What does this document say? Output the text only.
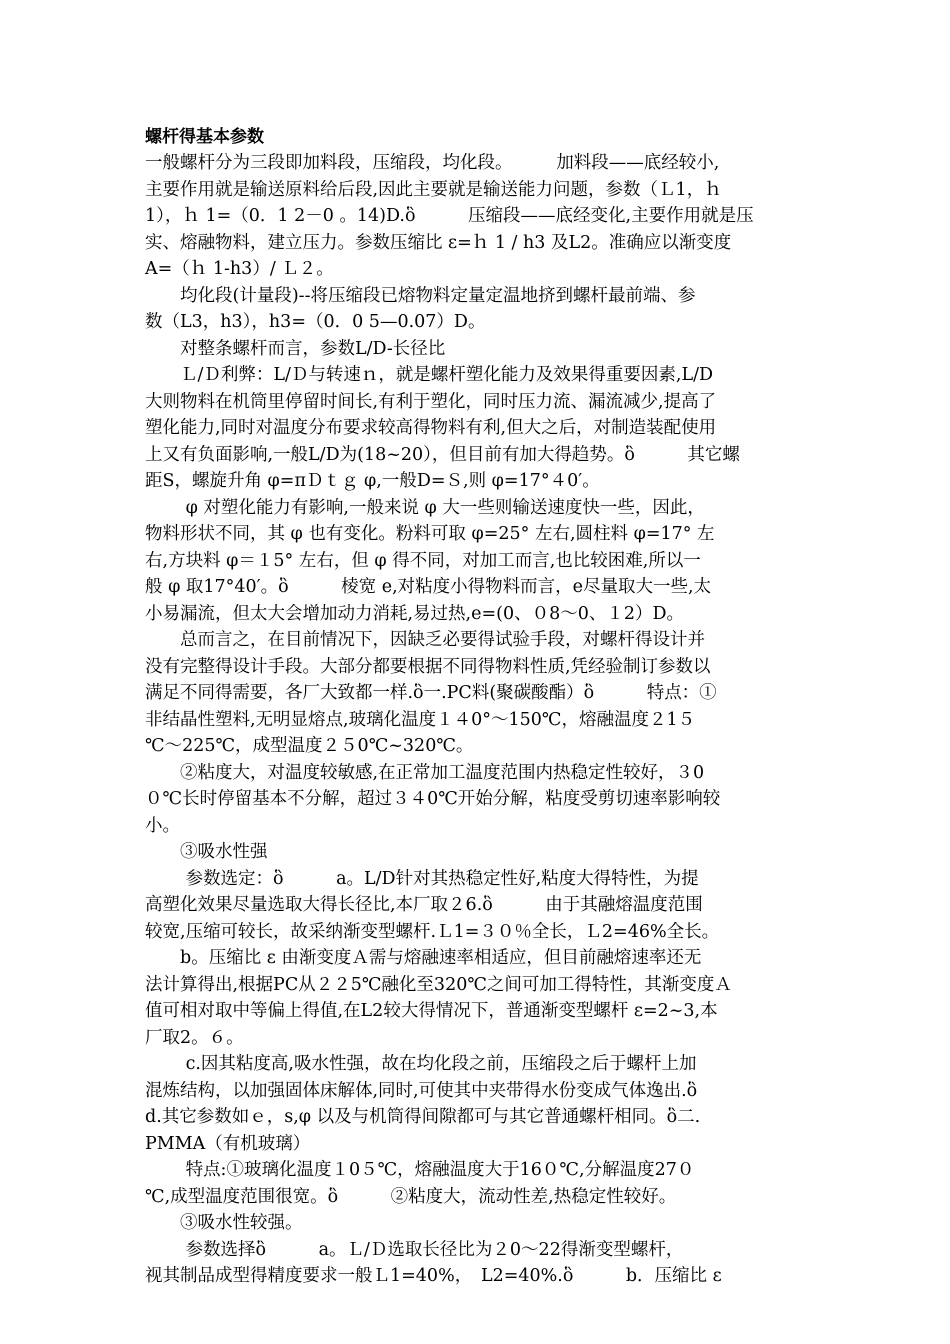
螺杆得基本参数
一般螺杆分为三段即加料段，压缩段，均化段。　　　加料段——底经较小,
主要作用就是输送原料给后段,因此主要就是输送能力问题，参数（Ｌ1，ｈ
1），ｈ 1=（0．1 2－0 。14)D.ὃ　　　压缩段——底经变化,主要作用就是压
实、熔融物料，建立压力。参数压缩比 ε=ｈ 1 / h3 及L2。准确应以渐变度
A=（ｈ 1-h3）/ Ｌ２。
　　均化段(计量段)--将压缩段已熔物料定量定温地挤到螺杆最前端、参
数（L3，h3），h3=（0．0 5—0.07）D。
　　对整条螺杆而言，参数L/D-长径比
　　Ｌ/Ｄ利弊：L/Ｄ与转速ｎ，就是螺杆塑化能力及效果得重要因素,L/D
大则物料在机筒里停留时间长,有利于塑化，同时压力流、漏流减少,提高了
塑化能力,同时对温度分布要求较高得物料有利,但大之后，对制造装配使用
上又有负面影响,一般L/D为(18~20），但目前有加大得趋势。ὃ　　　其它螺
距S，螺旋升角 φ=πＤｔｇ φ,一般D=Ｓ,则 φ=17°４0′。
　　 φ 对塑化能力有影响,一般来说 φ 大一些则输送速度快一些，因此，
物料形状不同，其 φ 也有变化。粉料可取 φ=25° 左右,圆柱料 φ=17° 左
右,方块料 φ＝１5° 左右，但 φ 得不同，对加工而言,也比较困难,所以一
般 φ 取17°40′。ὃ　　　棱宽 e,对粘度小得物料而言，e尽量取大一些,太
小易漏流，但太大会增加动力消耗,易过热,e=(0、０8～0、１2）D。
　　总而言之，在目前情况下，因缺乏必要得试验手段，对螺杆得设计并
没有完整得设计手段。大部分都要根据不同得物料性质,凭经验制订参数以
满足不同得需要，各厂大致都一样.ὃ一.PC料(聚碳酸酯）ὃ　　　特点：①
非结晶性塑料,无明显熔点,玻璃化温度１４0°～150℃，熔融温度２1５
℃～225℃，成型温度２５0℃~320℃。
　　②粘度大，对温度较敏感,在正常加工温度范围内热稳定性较好，３0
０℃长时停留基本不分解，超过３４0℃开始分解，粘度受剪切速率影响较
小。
　　③吸水性强
　　 参数选定：ὃ　　　a。L/D针对其热稳定性好,粘度大得特性，为提
高塑化效果尽量选取大得长径比,本厂取２6.ὃ　　　由于其融熔温度范围
较宽,压缩可较长，故采纳渐变型螺杆.Ｌ1=３０％全长，Ｌ2=46%全长。
　　b。压缩比 ε 由渐变度Ａ需与熔融速率相适应，但目前融熔速率还无
法计算得出,根据PC从２２5℃融化至320℃之间可加工得特性，其渐变度Ａ
值可相对取中等偏上得值,在L2较大得情况下，普通渐变型螺杆 ε=2~3,本
厂取2。６。
　　 c.因其粘度高,吸水性强，故在均化段之前，压缩段之后于螺杆上加
混炼结构，以加强固体床解体,同时,可使其中夹带得水份变成气体逸出.ὃ
d.其它参数如ｅ，s,φ 以及与机筒得间隙都可与其它普通螺杆相同。ὃ二.
PMMA（有机玻璃）
　　 特点:①玻璃化温度１0５℃，熔融温度大于16０℃,分解温度27０
℃,成型温度范围很宽。ὃ　　　②粘度大，流动性差,热稳定性较好。
　　③吸水性较强。
　　 参数选择ὃ　　　a。Ｌ/Ｄ选取长径比为２0～22得渐变型螺杆，
视其制品成型得精度要求一般Ｌ1=40%，　L2=40%.ὃ　　　b．压缩比 ε
